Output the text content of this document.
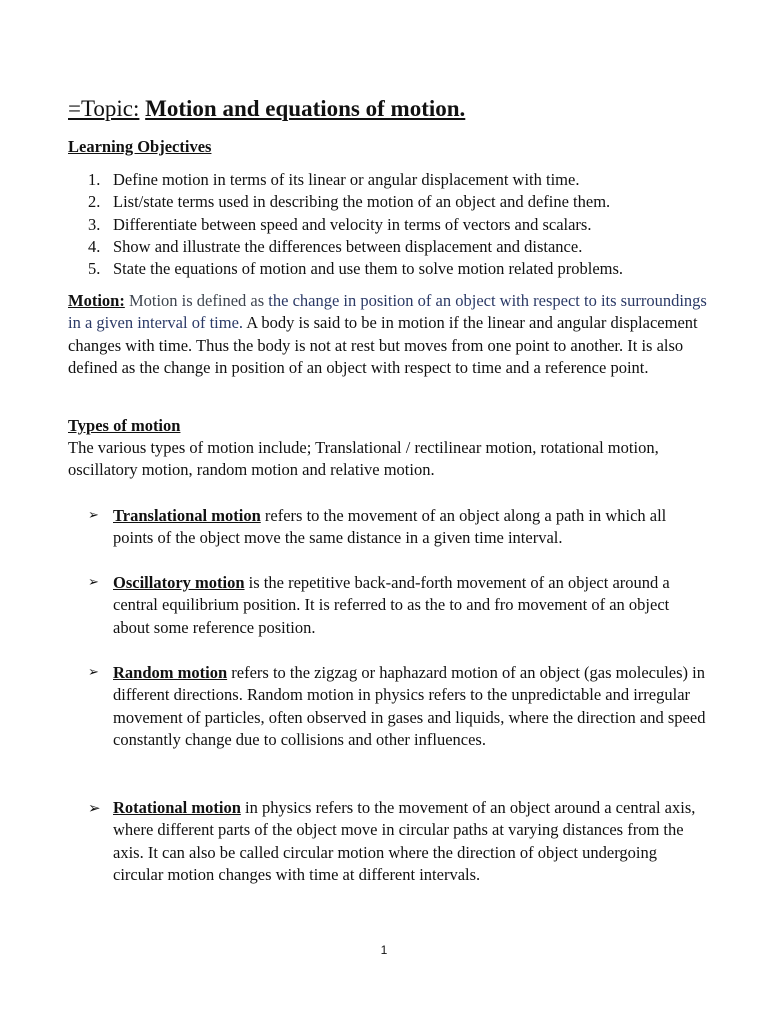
=Topic: Motion and equations of motion.
Learning Objectives
1. Define motion in terms of its linear or angular displacement with time.
2. List/state terms used in describing the motion of an object and define them.
3. Differentiate between speed and velocity in terms of vectors and scalars.
4. Show and illustrate the differences between displacement and distance.
5. State the equations of motion and use them to solve motion related problems.

Motion: Motion is defined as the change in position of an object with respect to its surroundings in a given interval of time. A body is said to be in motion if the linear and angular displacement changes with time. Thus the body is not at rest but moves from one point to another. It is also defined as the change in position of an object with respect to time and a reference point.

Types of motion

The various types of motion include; Translational / rectilinear motion, rotational motion, oscillatory motion, random motion and relative motion.

➢ Translational motion refers to the movement of an object along a path in which all points of the object move the same distance in a given time interval.
➢ Oscillatory motion is the repetitive back-and-forth movement of an object around a central equilibrium position. It is referred to as the to and fro movement of an object about some reference position.
➢ Random motion refers to the zigzag or haphazard motion of an object (gas molecules) in different directions. Random motion in physics refers to the unpredictable and irregular movement of particles, often observed in gases and liquids, where the direction and speed constantly change due to collisions and other influences.
➢ Rotational motion in physics refers to the movement of an object around a central axis, where different parts of the object move in circular paths at varying distances from the axis. It can also be called circular motion where the direction of object undergoing circular motion changes with time at different intervals.
1
